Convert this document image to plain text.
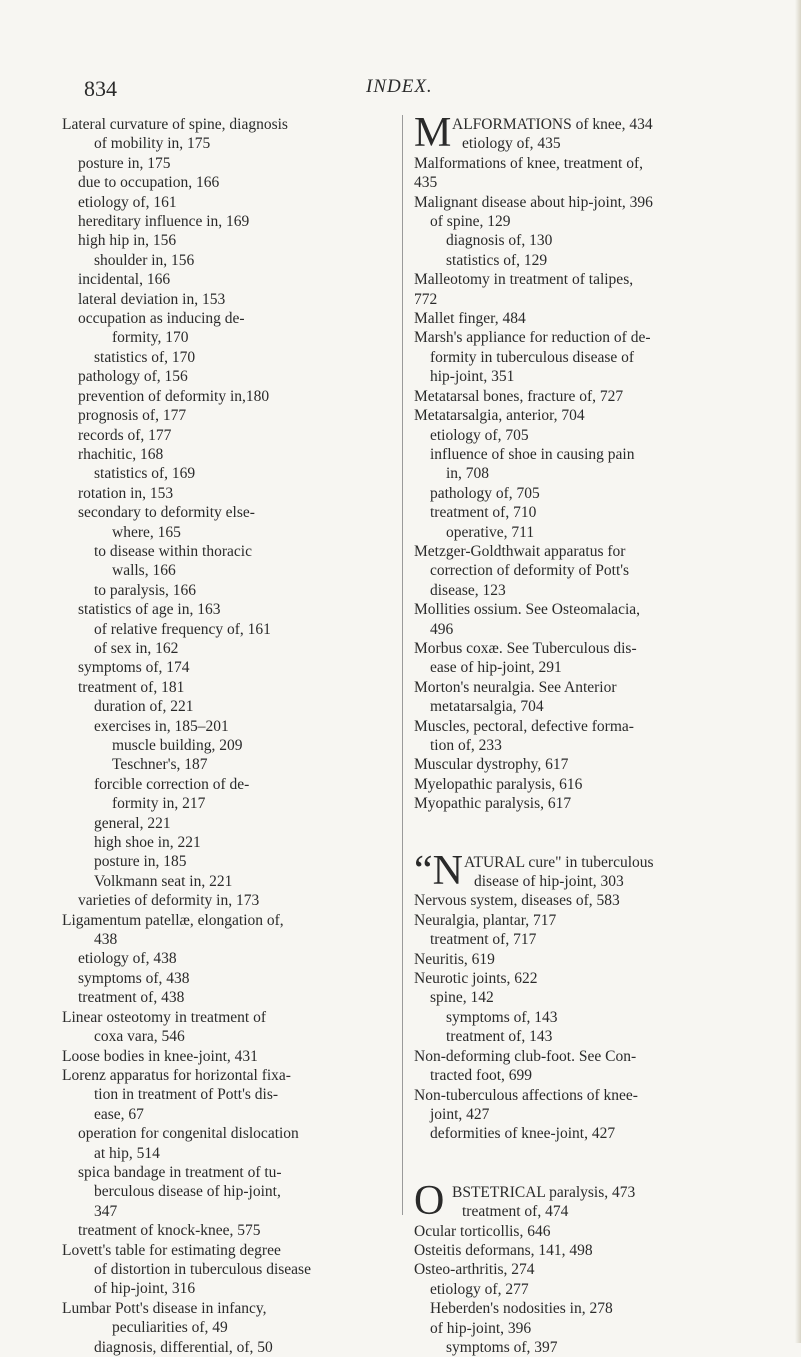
834	INDEX.
Lateral curvature of spine, diagnosis
of mobility in, 175
posture in, 175
due to occupation, 166
etiology of, 161
hereditary influence in, 169
high hip in, 156
shoulder in, 156
incidental, 166
lateral deviation in, 153
occupation as inducing de-
formity, 170
statistics of, 170
pathology of, 156
prevention of deformity in,180
prognosis of, 177
records of, 177
rhachitic, 168
statistics of, 169
rotation in, 153
secondary to deformity else-
where, 165
to disease within thoracic
walls, 166
to paralysis, 166
statistics of age in, 163
of relative frequency of, 161
of sex in, 162
symptoms of, 174
treatment of, 181
duration of, 221
exercises in, 185–201
muscle building, 209
Teschner's, 187
forcible correction of de-
formity in, 217
general, 221
high shoe in, 221
posture in, 185
Volkmann seat in, 221
varieties of deformity in, 173
Ligamentum patellæ, elongation of,
438
etiology of, 438
symptoms of, 438
treatment of, 438
Linear osteotomy in treatment of
coxa vara, 546
Loose bodies in knee-joint, 431
Lorenz apparatus for horizontal fixa-
tion in treatment of Pott's dis-
ease, 67
operation for congenital dislocation
at hip, 514
spica bandage in treatment of tu-
berculous disease of hip-joint,
347
treatment of knock-knee, 575
Lovett's table for estimating degree
of distortion in tuberculous disease
of hip-joint, 316
Lumbar Pott's disease in infancy,
peculiarities of, 49
diagnosis, differential, of, 50
M ALFORMATIONS of knee, 434
etiology of, 435
Malformations of knee, treatment of,
435
Malignant disease about hip-joint, 396
of spine, 129
diagnosis of, 130
statistics of, 129
Malleotomy in treatment of talipes,
772
Mallet finger, 484
Marsh's appliance for reduction of de-
formity in tuberculous disease of
hip-joint, 351
Metatarsal bones, fracture of, 727
Metatarsalgia, anterior, 704
etiology of, 705
influence of shoe in causing pain
in, 708
pathology of, 705
treatment of, 710
operative, 711
Metzger-Goldthwait apparatus for
correction of deformity of Pott's
disease, 123
Mollities ossium. See Osteomalacia,
496
Morbus coxæ. See Tuberculous dis-
ease of hip-joint, 291
Morton's neuralgia. See Anterior
metatarsalgia, 704
Muscles, pectoral, defective forma-
tion of, 233
Muscular dystrophy, 617
Myelopathic paralysis, 616
Myopathic paralysis, 617
“N ATURAL cure" in tuberculous
disease of hip-joint, 303
Nervous system, diseases of, 583
Neuralgia, plantar, 717
treatment of, 717
Neuritis, 619
Neurotic joints, 622
spine, 142
symptoms of, 143
treatment of, 143
Non-deforming club-foot. See Con-
tracted foot, 699
Non-tuberculous affections of knee-
joint, 427
deformities of knee-joint, 427
O BSTETRICAL paralysis, 473
treatment of, 474
Ocular torticollis, 646
Osteitis deformans, 141, 498
Osteo-arthritis, 274
etiology of, 277
Heberden's nodosities in, 278
of hip-joint, 396
symptoms of, 397
